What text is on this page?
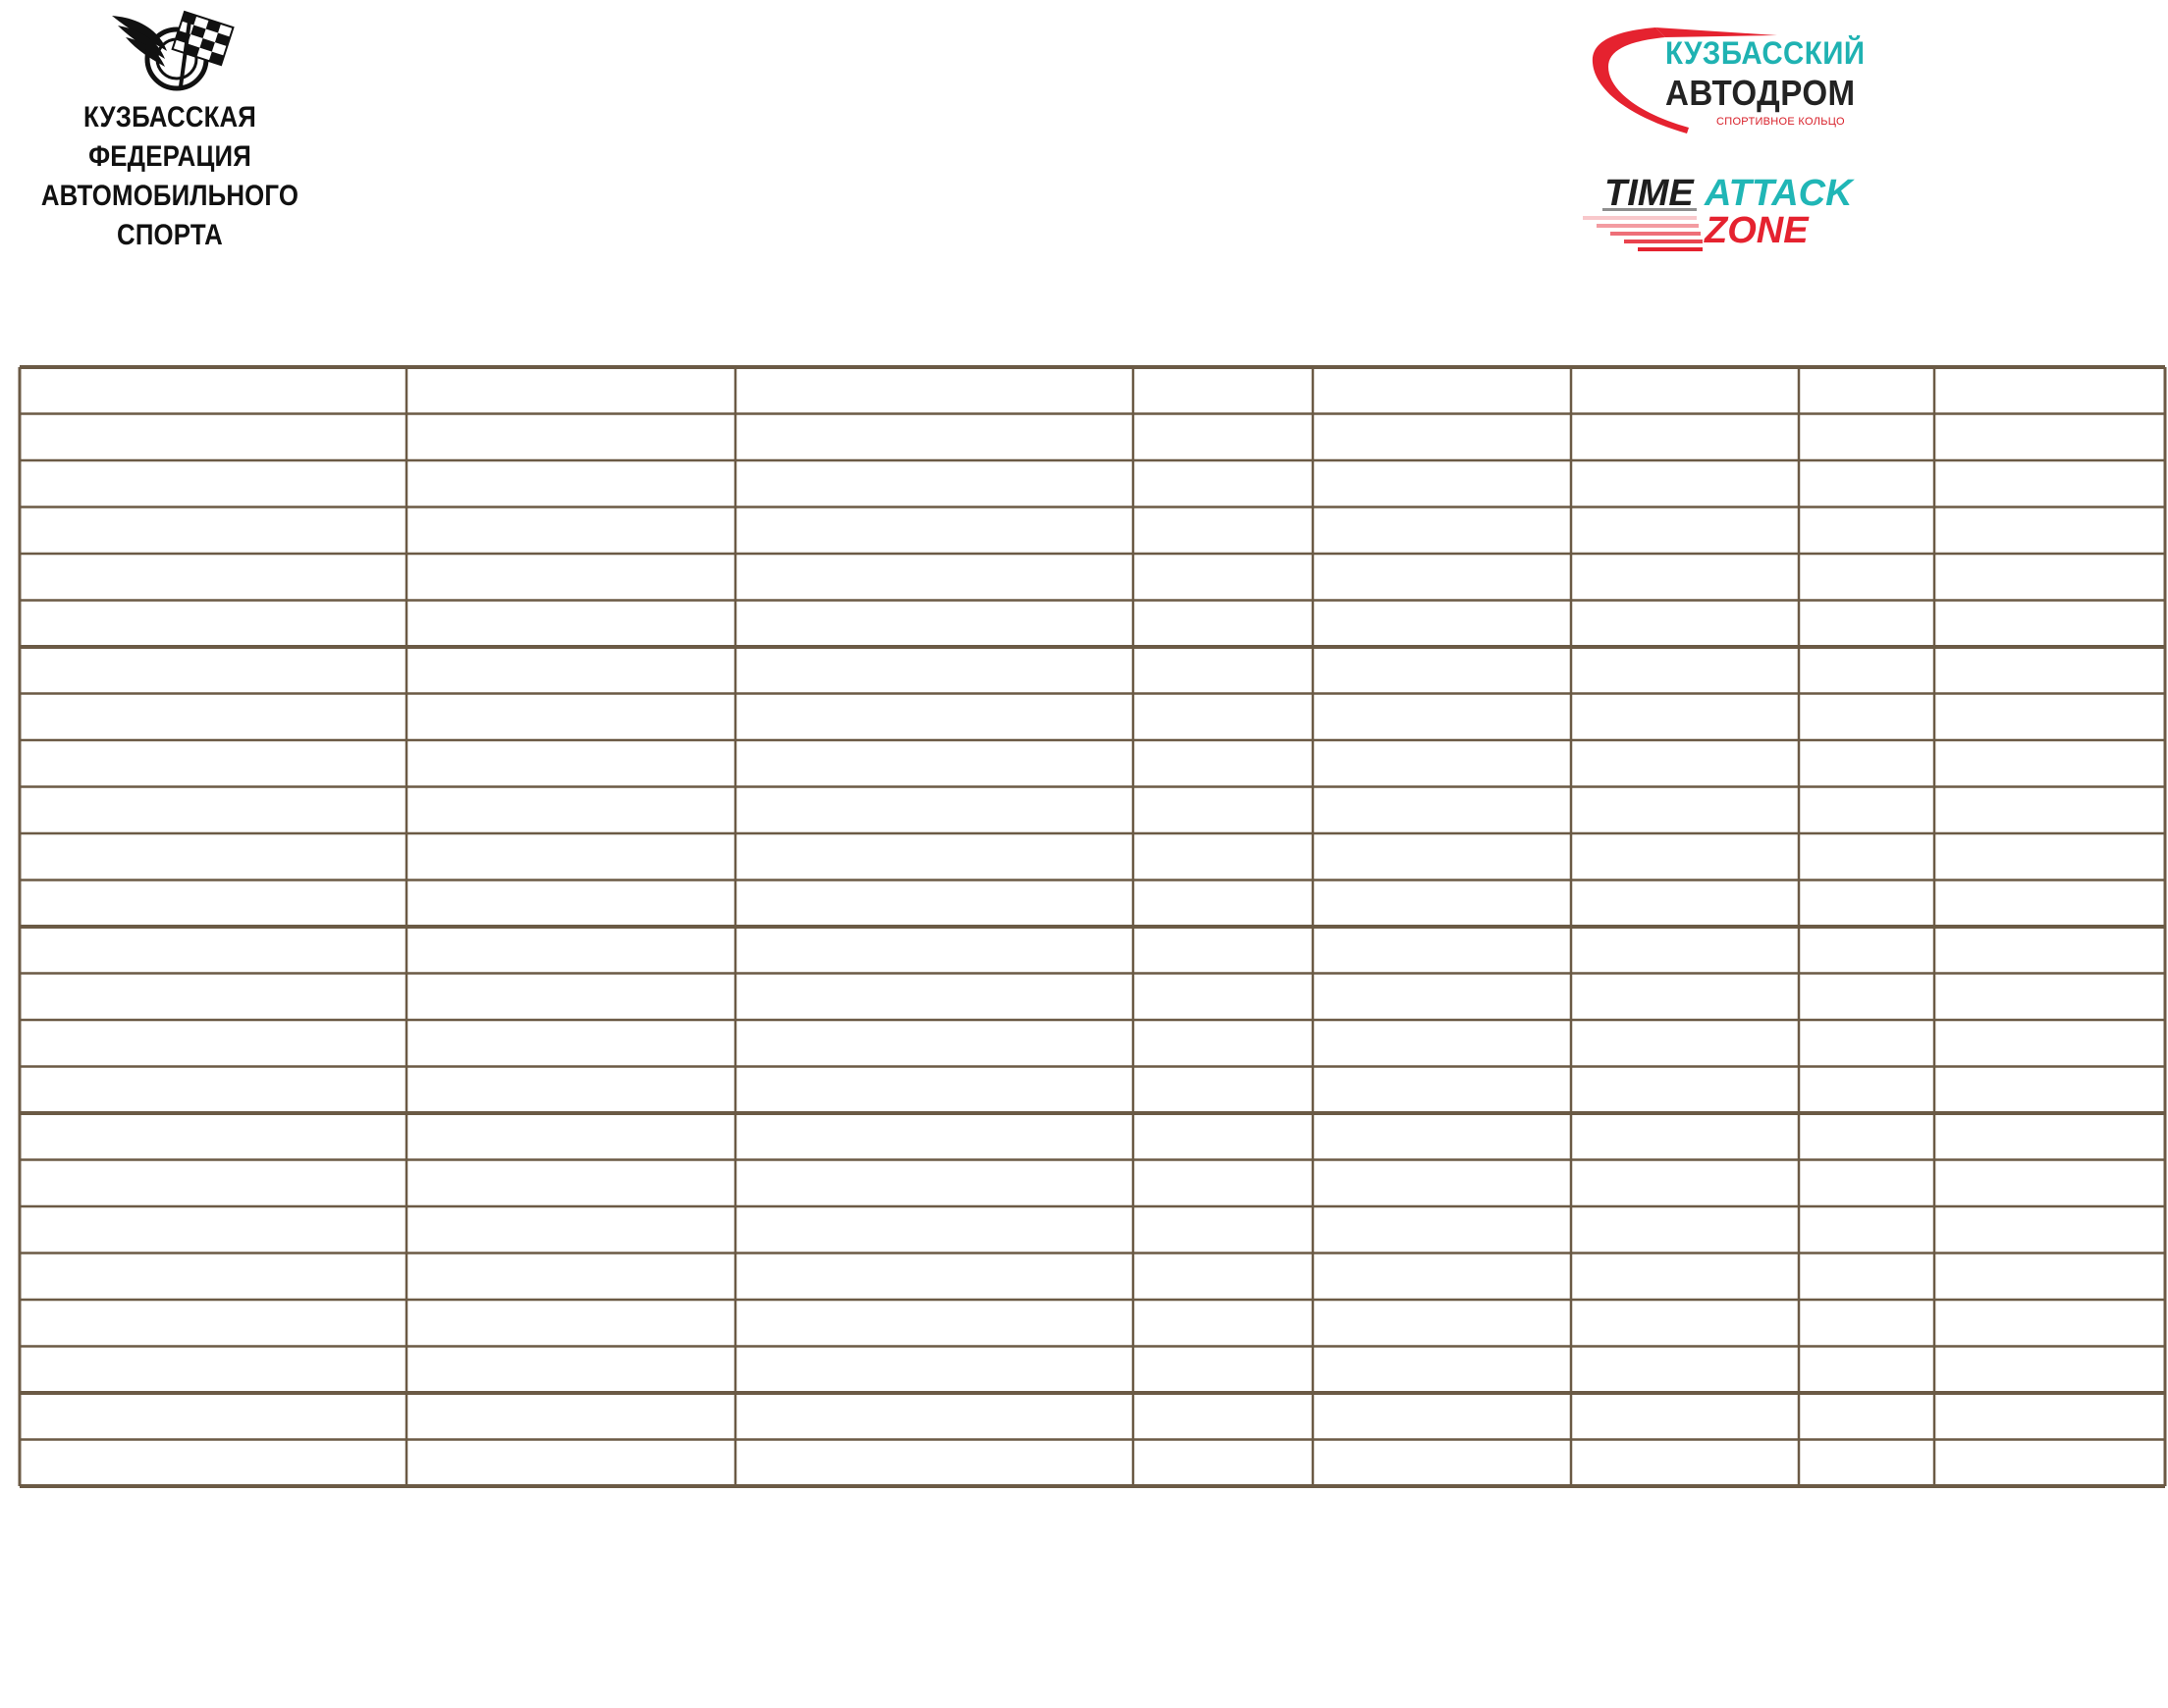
КУЗБАССКАЯ ФЕДЕРАЦИЯ
АВТОМОБИЛЬНОГО СПОРТА
КУЗБАССКИЙ
АВТОДРОМ
СПОРТИВНОЕ КОЛЬЦО
TIME ATTACK
ZONE
